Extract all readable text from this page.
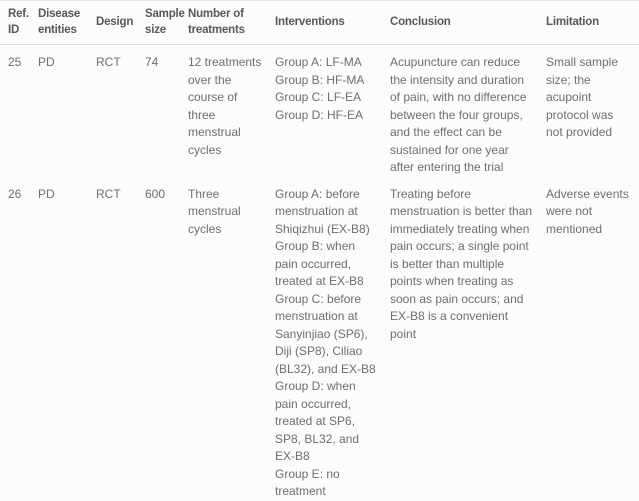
Ref. ID	Disease entities	Design	Sample size	Number of treatments	Interventions	Conclusion	Limitation
25	PD	RCT	74	12 treatments over the course of three menstrual cycles	Group A: LF-MA
Group B: HF-MA
Group C: LF-EA
Group D: HF-EA	Acupuncture can reduce the intensity and duration of pain, with no difference between the four groups, and the effect can be sustained for one year after entering the trial	Small sample size; the acupoint protocol was not provided
26	PD	RCT	600	Three menstrual cycles	Group A: before menstruation at Shiqizhui (EX-B8)
Group B: when pain occurred, treated at EX-B8
Group C: before menstruation at Sanyinjiao (SP6), Diji (SP8), Ciliao (BL32), and EX-B8
Group D: when pain occurred, treated at SP6, SP8, BL32, and EX-B8
Group E: no treatment	Treating before menstruation is better than immediately treating when pain occurs; a single point is better than multiple points when treating as soon as pain occurs; and EX-B8 is a convenient point	Adverse events were not mentioned
